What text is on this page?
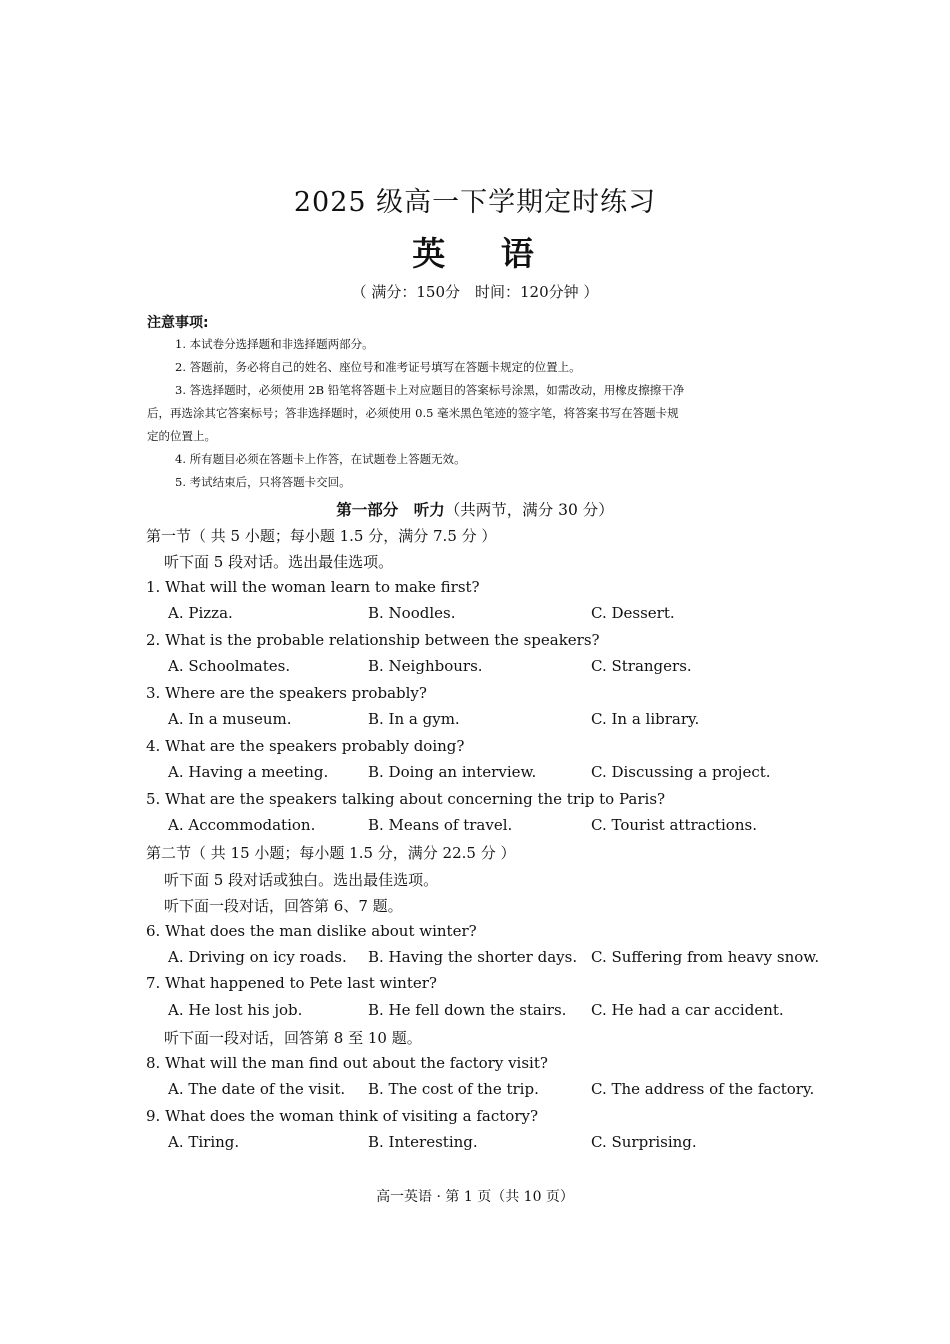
2025 级高一下学期定时练习
英 语
（ 满分：150分　时间：120分钟 ）
注意事项:

1. 本试卷分选择题和非选择题两部分。

2. 答题前，务必将自己的姓名、座位号和准考证号填写在答题卡规定的位置上。

3. 答选择题时，必须使用 2B 铅笔将答题卡上对应题目的答案标号涂黑，如需改动，用橡皮擦擦干净

后，再选涂其它答案标号；答非选择题时，必须使用 0.5 毫米黑色笔迹的签字笔，将答案书写在答题卡规

定的位置上。

4. 所有题目必须在答题卡上作答，在试题卷上答题无效。

5. 考试结束后，只将答题卡交回。

第一部分　听力（共两节，满分 30 分）
第一节（ 共 5 小题；每小题 1.5 分，满分 7.5 分 ）
听下面 5 段对话。选出最佳选项。
1. What will the woman learn to make first?
A. Pizza.	B. Noodles.	C. Dessert.
2. What is the probable relationship between the speakers?
A. Schoolmates.	B. Neighbours.	C. Strangers.
3. Where are the speakers probably?
A. In a museum.	B. In a gym.	C. In a library.
4. What are the speakers probably doing?
A. Having a meeting.	B. Doing an interview.	C. Discussing a project.
5. What are the speakers talking about concerning the trip to Paris?
A. Accommodation.	B. Means of travel.	C. Tourist attractions.
第二节（ 共 15 小题；每小题 1.5 分，满分 22.5 分 ）
听下面 5 段对话或独白。选出最佳选项。
听下面一段对话，回答第 6、7 题。
6. What does the man dislike about winter?
A. Driving on icy roads. B. Having the shorter days. C. Suffering from heavy snow.
7. What happened to Pete last winter?
A. He lost his job.	B. He fell down the stairs. C. He had a car accident.
听下面一段对话，回答第 8 至 10 题。
8. What will the man find out about the factory visit?
A. The date of the visit. B. The cost of the trip.	C. The address of the factory.
9. What does the woman think of visiting a factory?
A. Tiring.	B. Interesting.	C. Surprising.
高一英语 · 第 1 页（共 10 页）
